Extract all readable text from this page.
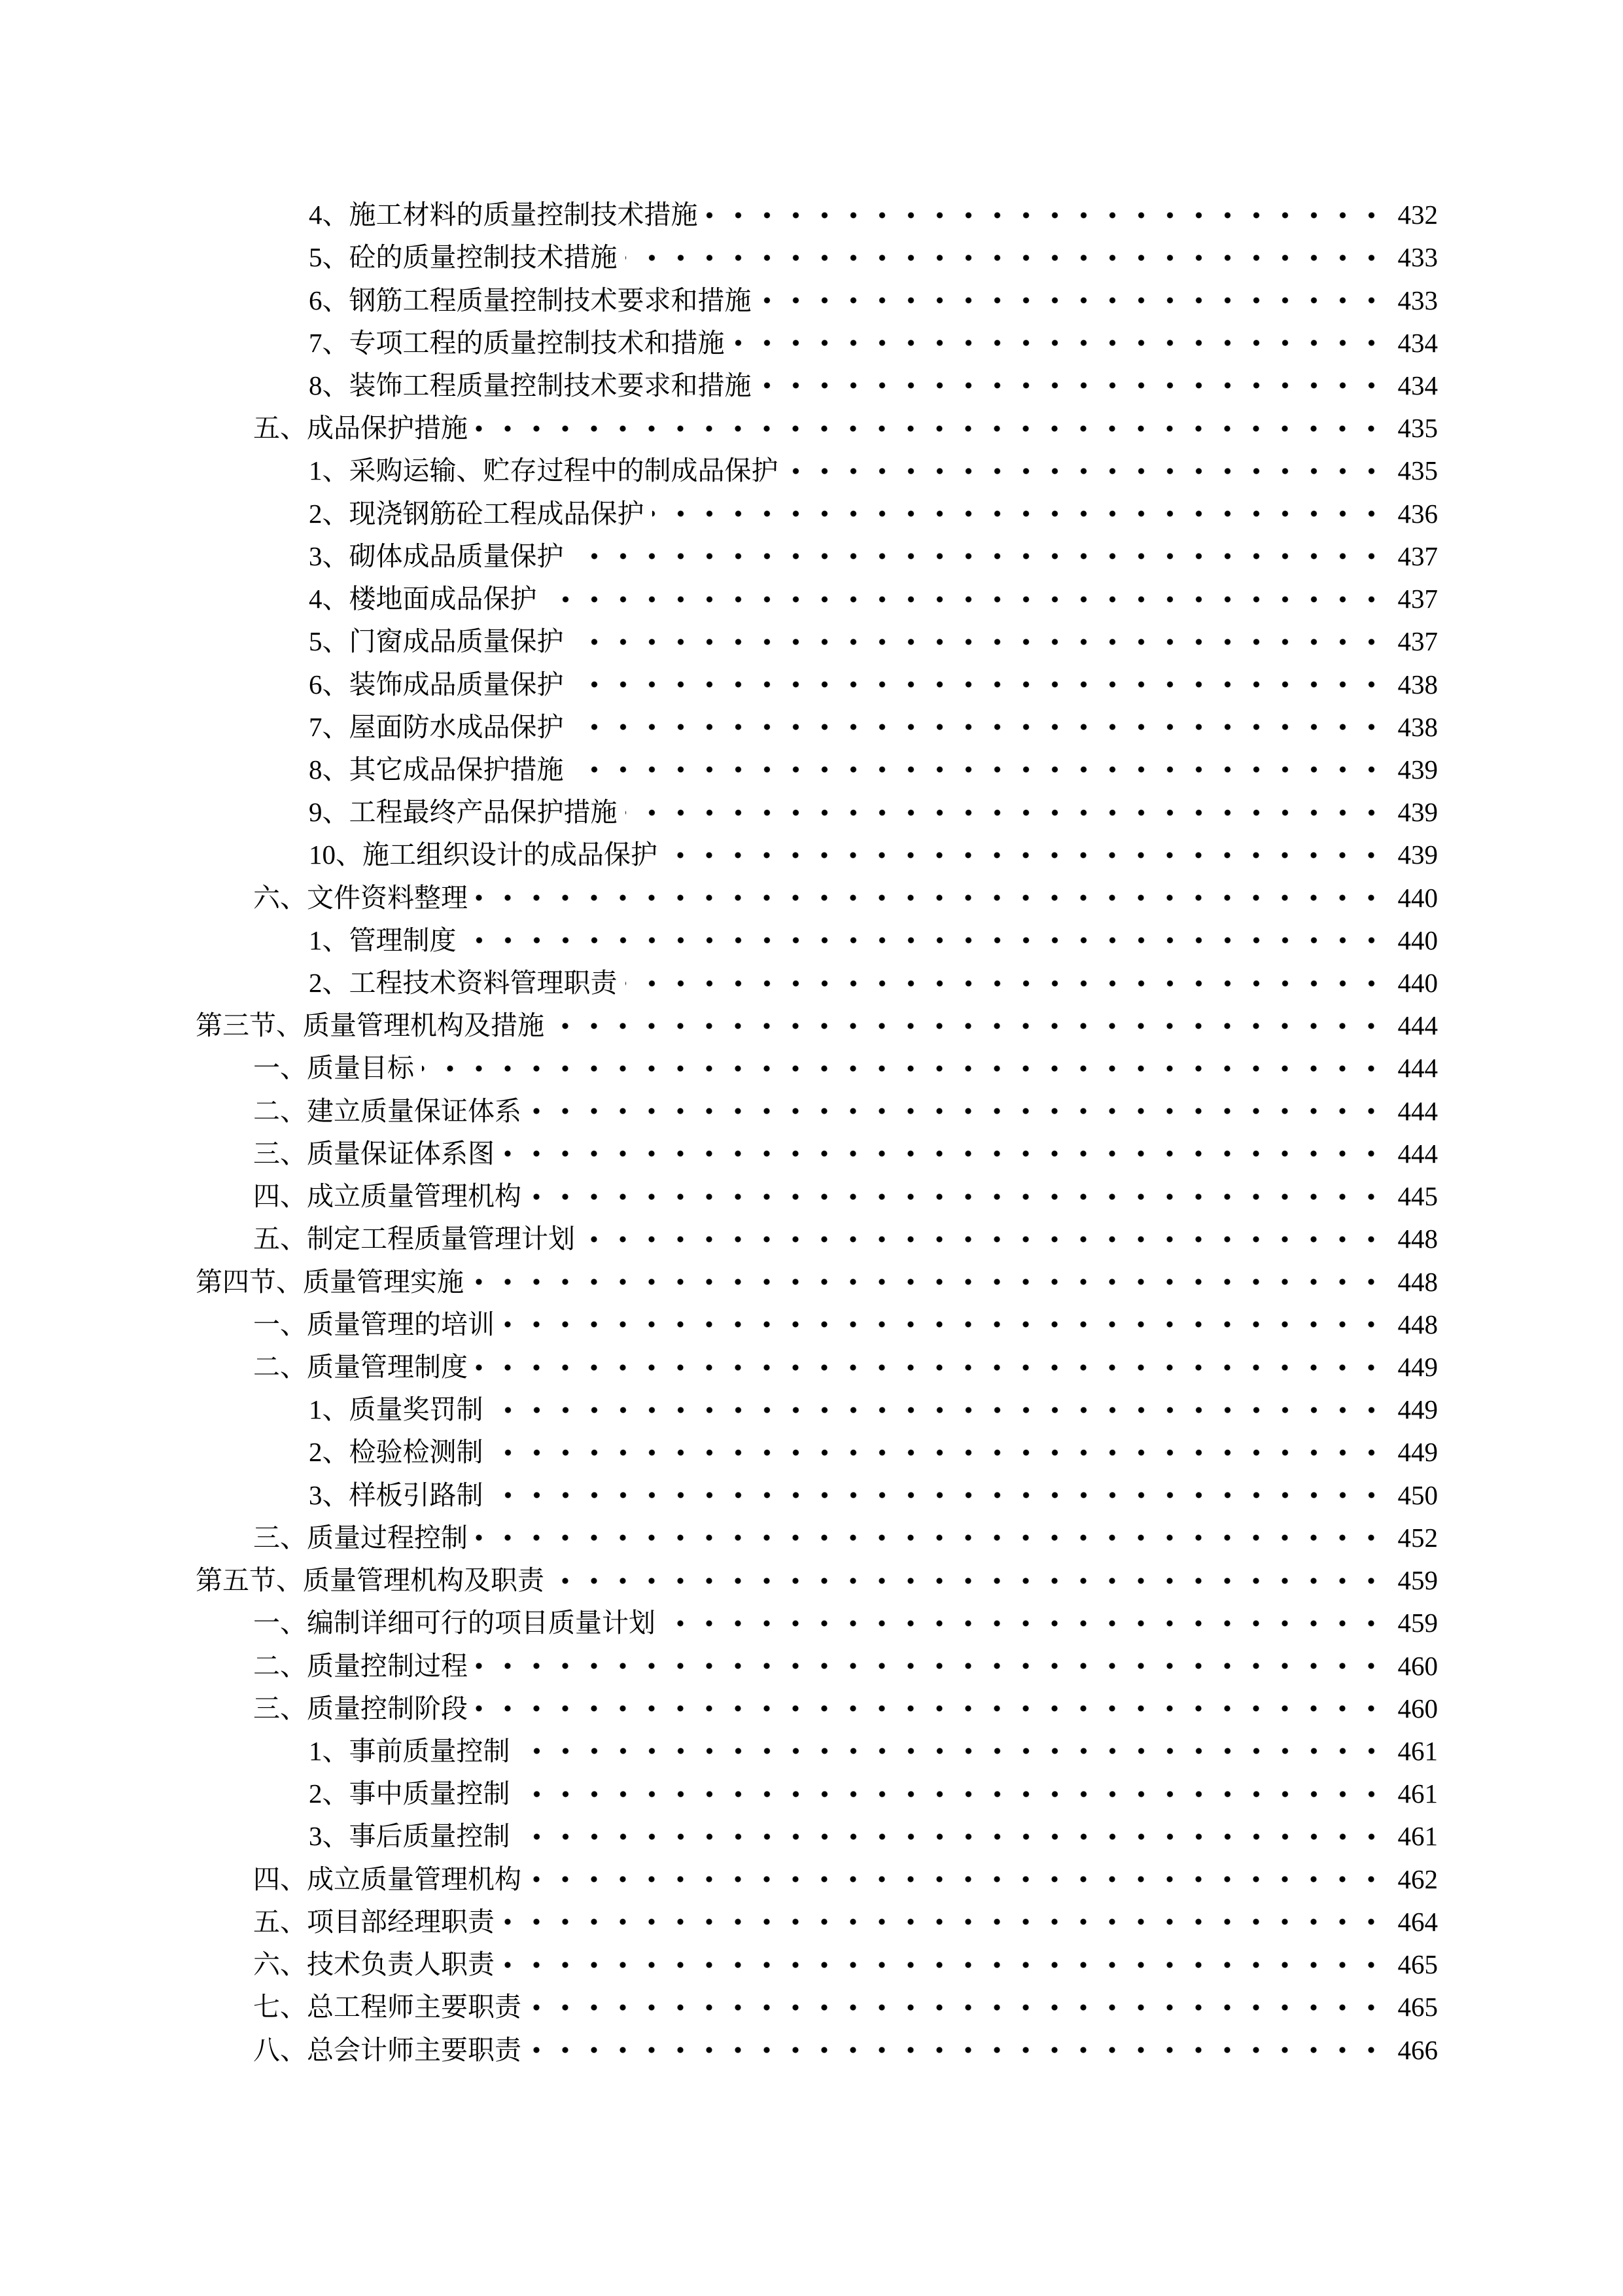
4、施工材料的质量控制技术措施	432
5、砼的质量控制技术措施	433
6、钢筋工程质量控制技术要求和措施	433
7、专项工程的质量控制技术和措施	434
8、装饰工程质量控制技术要求和措施	434
五、成品保护措施	435
1、采购运输、贮存过程中的制成品保护	435
2、现浇钢筋砼工程成品保护	436
3、砌体成品质量保护	437
4、楼地面成品保护	437
5、门窗成品质量保护	437
6、装饰成品质量保护	438
7、屋面防水成品保护	438
8、其它成品保护措施	439
9、工程最终产品保护措施	439
10、施工组织设计的成品保护	439
六、文件资料整理	440
1、管理制度	440
2、工程技术资料管理职责	440
第三节、质量管理机构及措施	444
一、质量目标	444
二、建立质量保证体系	444
三、质量保证体系图	444
四、成立质量管理机构	445
五、制定工程质量管理计划	448
第四节、质量管理实施	448
一、质量管理的培训	448
二、质量管理制度	449
1、质量奖罚制	449
2、检验检测制	449
3、样板引路制	450
三、质量过程控制	452
第五节、质量管理机构及职责	459
一、编制详细可行的项目质量计划	459
二、质量控制过程	460
三、质量控制阶段	460
1、事前质量控制	461
2、事中质量控制	461
3、事后质量控制	461
四、成立质量管理机构	462
五、项目部经理职责	464
六、技术负责人职责	465
七、总工程师主要职责	465
八、总会计师主要职责	466
